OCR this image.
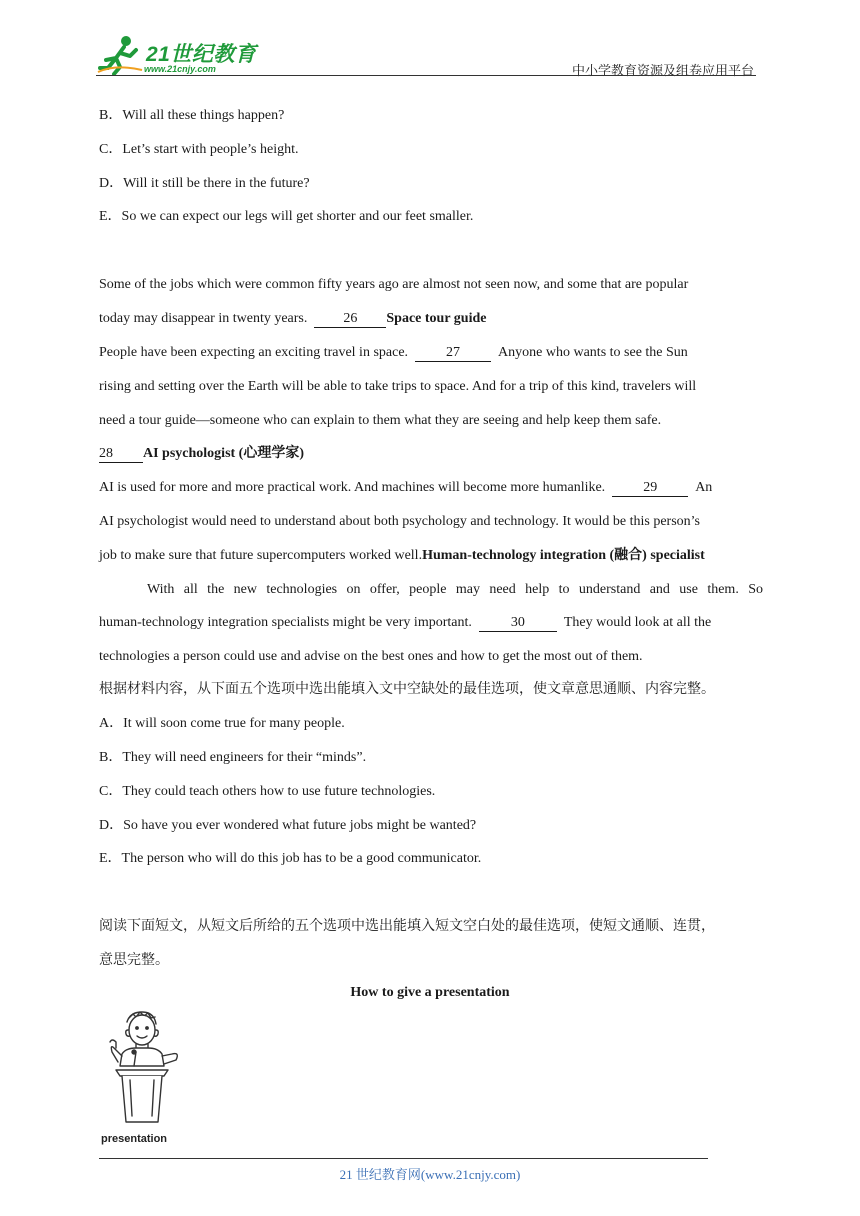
21世纪教育
www.21cnjy.com	中小学教育资源及组卷应用平台
B．Will all these things happen?
C．Let’s start with people’s height.
D．Will it still be there in the future?
E．So we can expect our legs will get shorter and our feet smaller.
Some of the jobs which were common fifty years ago are almost not seen now, and some that are popular
today may disappear in twenty years.	26 Space tour guide
People have been expecting an exciting travel in space.	27	Anyone who wants to see the Sun
rising and setting over the Earth will be able to take trips to space. And for a trip of this kind, travelers will
need a tour guide—someone who can explain to them what they are seeing and help keep them safe.
28 AI psychologist (心理学家)
AI is used for more and more practical work. And machines will become more humanlike.	29	An
AI psychologist would need to understand about both psychology and technology. It would be this person’s
job to make sure that future supercomputers worked well.Human-technology integration (融合) specialist
With all the new technologies on offer, people may need help to understand and use them. So
human-technology integration specialists might be very important.	30	They would look at all the
technologies a person could use and advise on the best ones and how to get the most out of them.
根据材料内容，从下面五个选项中选出能填入文中空缺处的最佳选项，使文章意思通顺、内容完整。
A．It will soon come true for many people.
B．They will need engineers for their “minds”.
C．They could teach others how to use future technologies.
D．So have you ever wondered what future jobs might be wanted?
E．The person who will do this job has to be a good communicator.
阅读下面短文，从短文后所给的五个选项中选出能填入短文空白处的最佳选项，使短文通顺、连贯，
意思完整。
How to give a presentation
presentation
21 世纪教育网(www.21cnjy.com)
